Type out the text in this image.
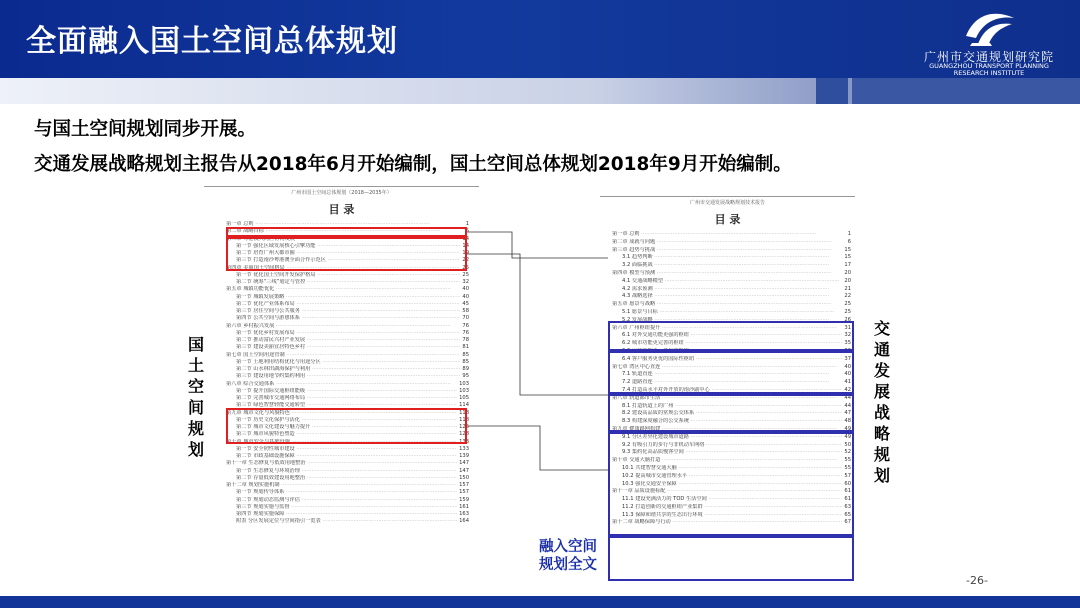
全面融入国土空间总体规划	广州市交通规划研究院
GUANGZHOU TRANSPORT PLANNING
RESEARCH INSTITUTE
与国土空间规划同步开展。
交通发展战略规划主报告从2018年6月开始编制，国土空间总体规划2018年9月开始编制。
广州市国土空间总体规划（2018—2035年）
目 录
第一章 总则 ·····	1
第二章 战略目标 ·····	5
第三章 粤港澳大湾区协同发展 ·····	14
第一节 强化区域发展核心引擎功能 ·····	14
第二节 培育广州大都市圈 ·····	19
第三节 打造南沙粤港澳全面合作示范区 ·····	22
第四章 美丽国土空间格局 ·····	25
第一节 优化国土空间开发保护格局 ·····	25
第二节 统筹“三线”划定与管控 ·····	32
第五章 城镇功能优化 ·····	40
第一节 城镇发展策略 ·····	40
第二节 优化产业体系布局 ·····	45
第三节 居住空间与公共服务 ·····	58
第四节 公共空间与游憩体系 ·····	70
第六章 乡村振兴发展 ·····	76
第一节 优化乡村发展布局 ·····	76
第二节 推动富民兴村产业发展 ·····	78
第三节 建设美丽宜居特色乡村 ·····	81
第七章 国土空间用途管制 ·····	85
第一节 土地利用结构优化与用途分区 ·····	85
第二节 山水林田湖海保护与利用 ·····	89
第三节 建设用地节约集约利用 ·····	95
第八章 综合交通体系 ·····	103
第一节 提升国际交通枢纽能级 ·····	103
第二节 完善城市交通网络布局 ·····	105
第三节 绿色智慧轻能交通转型 ·····	114
第九章 城市文化与风貌特色 ·····	118
第一节 历史文化保护与活化 ·····	118
第二节 城市文化建设与魅力提升 ·····	125
第三节 城市风貌特色塑造 ·····	128
第十章 城市安全与基础设施 ·····	133
第一节 安全韧性城市建设 ·····	133
第二节 市政基础设施保障 ·····	139
第十一章 生态修复与低效用地整治 ·····	147
第一节 生态修复与环境治理 ·····	147
第二节 存量低效建设用地整治 ·····	150
第十二章 规划实施机制 ·····	157
第一节 规划传导体系 ·····	157
第二节 规划动态监测与评估 ·····	159
第三节 规划实施与监督 ·····	161
第四节 规划实施保障 ·····	163
附表 分区发展定位与空间指引一览表 ·····	164
广州市交通发展战略规划技术报告
目 录
第一章 总则 ·····	1
第二章 成就与问题 ·····	6
第三章 趋势与挑战 ·····	15
3.1 趋势判断 ·····	15
3.2 面临挑战 ·····	17
第四章 模型与预测 ·····	20
4.1 交通战略模型 ·····	20
4.2 需求预测 ·····	21
4.3 战略选择 ·····	22
第五章 愿景与战略 ·····	25
5.1 愿景与目标 ·····	25
5.2 发展战略 ·····	26
第六章 广州枢纽提升 ·····	31
6.1 对外交通功能更强的枢纽 ·····	32
6.2 城市功能更完善的枢纽 ·····	35
6.3 运营管理更一体化的枢纽 ·····	36
6.4 客户服务更优的国际性枢纽 ·····	37
第七章 湾区中心直连 ·····	40
7.1 轨道直连 ·····	40
7.2 道路直连 ·····	41
7.4 打造高水平对外开放的南沙副中心 ·····	42
第八章 轨道都市生活 ·····	44
8.1 打造轨道上的广州 ·····	44
8.2 建设高品质的常规公交体系 ·····	47
8.3 构建深度融合的公交系统 ·····	48
第九章 健康路网构建 ·····	49
9.1 分区差异化建设城市道路 ·····	49
9.2 有吸引力的步行与非机动车网络 ·····	50
9.3 集约化高品质慢客空间 ·····	52
第十章 交通大脑打造 ·····	55
10.1 共建智慧交通大脑 ·····	55
10.2 提高城市交通管理水平 ·····	57
10.3 强化交通安全保障 ·····	60
第十一章 品质设施标配 ·····	61
11.1 建设充满活力的 TOD 生活空间 ·····	61
11.2 打造创新的交通枢纽产业集群 ·····	63
11.3 保障和谐共享的生态出行环境 ·····	65
第十二章 战略保障与行动 ·····	67
国
土
空
间
规
划
交
通
发
展
战
略
规
划
融入空间
规划全文
-26-
